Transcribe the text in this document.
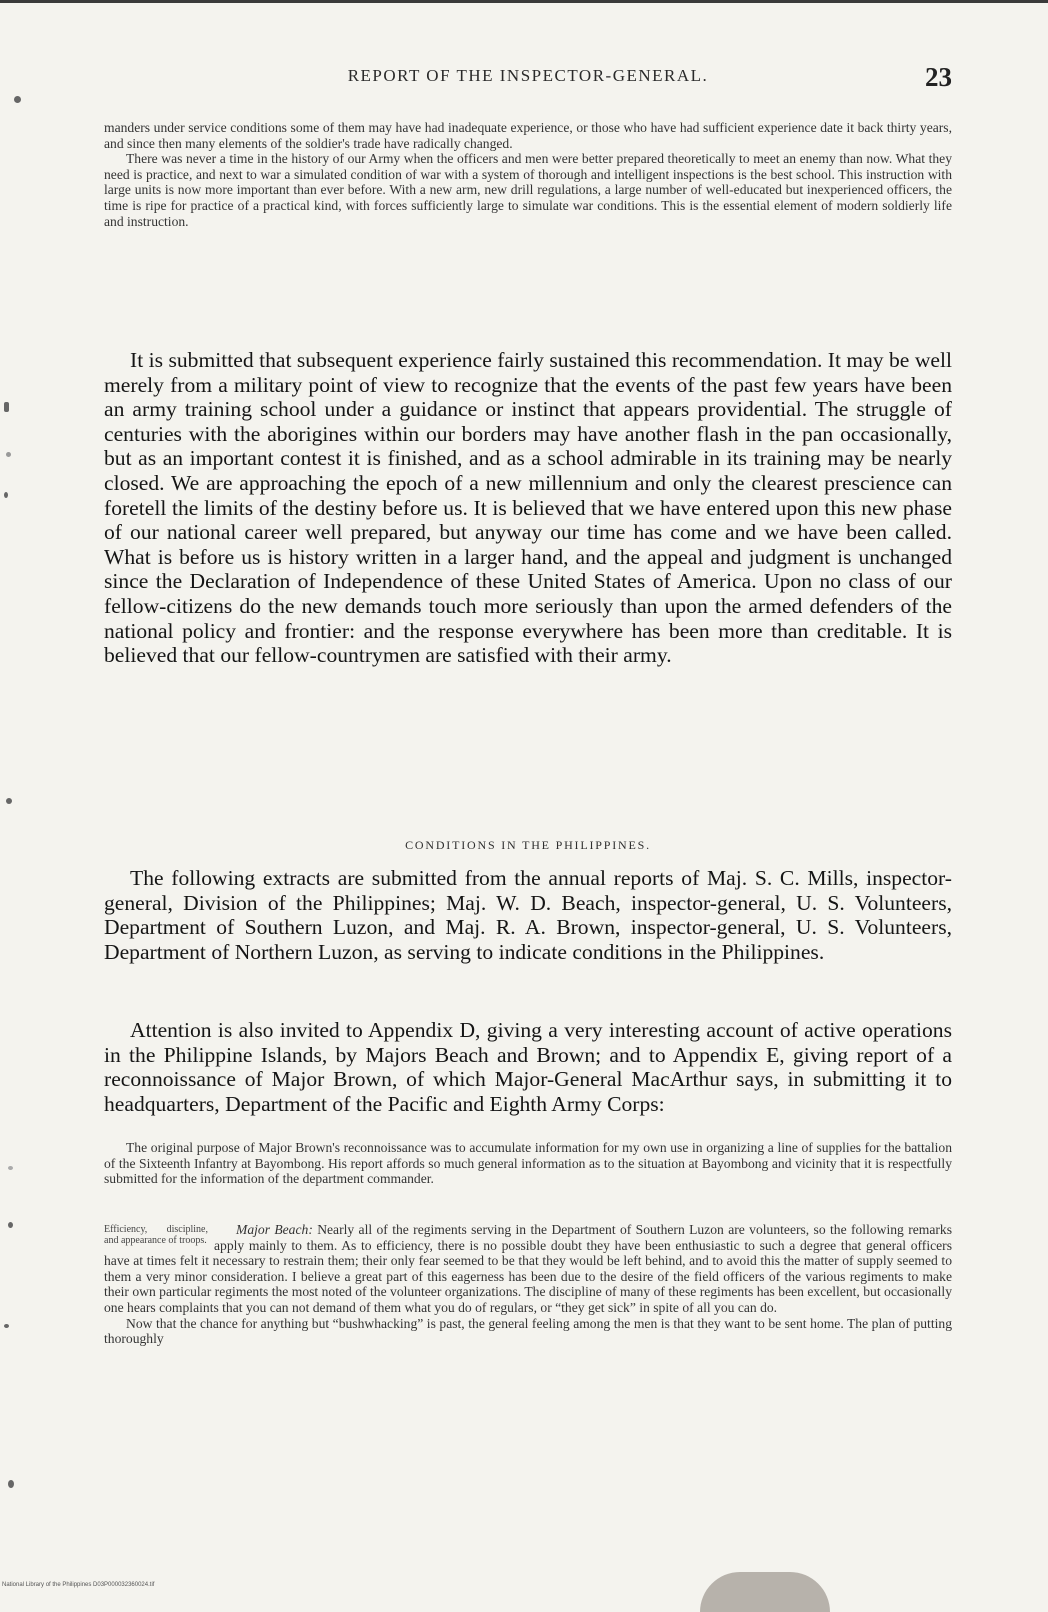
REPORT OF THE INSPECTOR-GENERAL.	23

manders under service conditions some of them may have had inadequate experience, or those who have had sufficient experience date it back thirty years, and since then many elements of the soldier's trade have radically changed.

There was never a time in the history of our Army when the officers and men were better prepared theoretically to meet an enemy than now. What they need is practice, and next to war a simulated condition of war with a system of thorough and intelligent inspections is the best school. This instruction with large units is now more important than ever before. With a new arm, new drill regulations, a large number of well-educated but inexperienced officers, the time is ripe for practice of a practical kind, with forces sufficiently large to simulate war conditions. This is the essential element of modern soldierly life and instruction.

It is submitted that subsequent experience fairly sustained this recommendation. It may be well merely from a military point of view to recognize that the events of the past few years have been an army training school under a guidance or instinct that appears providential. The struggle of centuries with the aborigines within our borders may have another flash in the pan occasionally, but as an important contest it is finished, and as a school admirable in its training may be nearly closed. We are approaching the epoch of a new millennium and only the clearest prescience can foretell the limits of the destiny before us. It is believed that we have entered upon this new phase of our national career well prepared, but anyway our time has come and we have been called. What is before us is history written in a larger hand, and the appeal and judgment is unchanged since the Declaration of Independence of these United States of America. Upon no class of our fellow-citizens do the new demands touch more seriously than upon the armed defenders of the national policy and frontier: and the response everywhere has been more than creditable. It is believed that our fellow-countrymen are satisfied with their army.

CONDITIONS IN THE PHILIPPINES.

The following extracts are submitted from the annual reports of Maj. S. C. Mills, inspector-general, Division of the Philippines; Maj. W. D. Beach, inspector-general, U. S. Volunteers, Department of Southern Luzon, and Maj. R. A. Brown, inspector-general, U. S. Volunteers, Department of Northern Luzon, as serving to indicate conditions in the Philippines.

Attention is also invited to Appendix D, giving a very interesting account of active operations in the Philippine Islands, by Majors Beach and Brown; and to Appendix E, giving report of a reconnoissance of Major Brown, of which Major-General MacArthur says, in submitting it to headquarters, Department of the Pacific and Eighth Army Corps:

The original purpose of Major Brown's reconnoissance was to accumulate information for my own use in organizing a line of supplies for the battalion of the Sixteenth Infantry at Bayombong. His report affords so much general information as to the situation at Bayombong and vicinity that it is respectfully submitted for the information of the department commander.

Efficiency, discipline, and appearance of troops.

Major Beach: Nearly all of the regiments serving in the Department of Southern Luzon are volunteers, so the following remarks apply mainly to them. As to efficiency, there is no possible doubt they have been enthusiastic to such a degree that general officers have at times felt it necessary to restrain them; their only fear seemed to be that they would be left behind, and to avoid this the matter of supply seemed to them a very minor consideration. I believe a great part of this eagerness has been due to the desire of the field officers of the various regiments to make their own particular regiments the most noted of the volunteer organizations. The discipline of many of these regiments has been excellent, but occasionally one hears complaints that you can not demand of them what you do of regulars, or “they get sick” in spite of all you can do.

Now that the chance for anything but “bushwhacking” is past, the general feeling among the men is that they want to be sent home. The plan of putting thoroughly

National Library of the Philippines D03P000032360024.tif
